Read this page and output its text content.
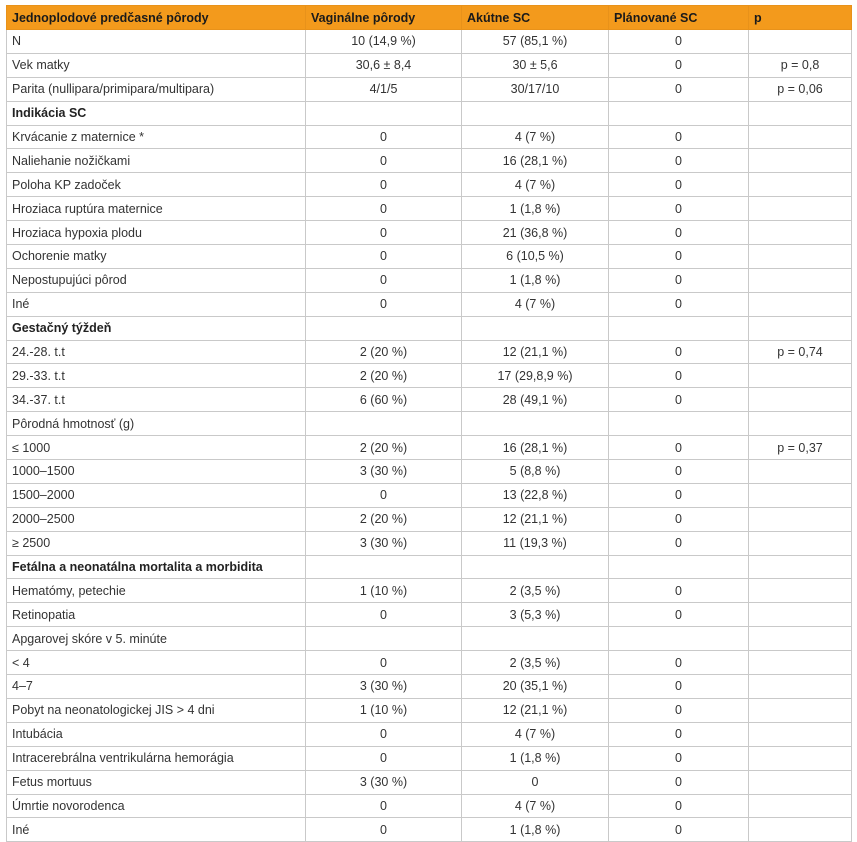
Jednoplodové predčasné pôrody	Vaginálne pôrody	Akútne SC	Plánované SC	p
N	10 (14,9 %)	57 (85,1 %)	0	
Vek matky	30,6 ± 8,4	30 ± 5,6	0	p = 0,8
Parita (nullipara/primipara/multipara)	4/1/5	30/17/10	0	p = 0,06
Indikácia SC				
Krvácanie z maternice *	0	4 (7 %)	0	
Naliehanie nožičkami	0	16 (28,1 %)	0	
Poloha KP zadoček	0	4 (7 %)	0	
Hroziaca ruptúra maternice	0	1 (1,8 %)	0	
Hroziaca hypoxia plodu	0	21 (36,8 %)	0	
Ochorenie matky	0	6 (10,5 %)	0	
Nepostupujúci pôrod	0	1 (1,8 %)	0	
Iné	0	4 (7 %)	0	
Gestačný týždeň				
24.-28. t.t	2 (20 %)	12 (21,1 %)	0	p = 0,74
29.-33. t.t	2 (20 %)	17 (29,8,9 %)	0	
34.-37. t.t	6 (60 %)	28 (49,1 %)	0	
Pôrodná hmotnosť (g)				
≤ 1000	2 (20 %)	16 (28,1 %)	0	p = 0,37
1000–1500	3 (30 %)	5 (8,8 %)	0	
1500–2000	0	13 (22,8 %)	0	
2000–2500	2 (20 %)	12 (21,1 %)	0	
≥ 2500	3 (30 %)	11 (19,3 %)	0	
Fetálna a neonatálna mortalita a morbidita				
Hematómy, petechie	1 (10 %)	2 (3,5 %)	0	
Retinopatia	0	3 (5,3 %)	0	
Apgarovej skóre v 5. minúte				
< 4	0	2 (3,5 %)	0	
4–7	3 (30 %)	20 (35,1 %)	0	
Pobyt na neonatologickej JIS > 4 dni	1 (10 %)	12 (21,1 %)	0	
Intubácia	0	4 (7 %)	0	
Intracerebrálna ventrikulárna hemorágia	0	1 (1,8 %)	0	
Fetus mortuus	3 (30 %)	0	0	
Úmrtie novorodenca	0	4 (7 %)	0	
Iné	0	1 (1,8 %)	0	
